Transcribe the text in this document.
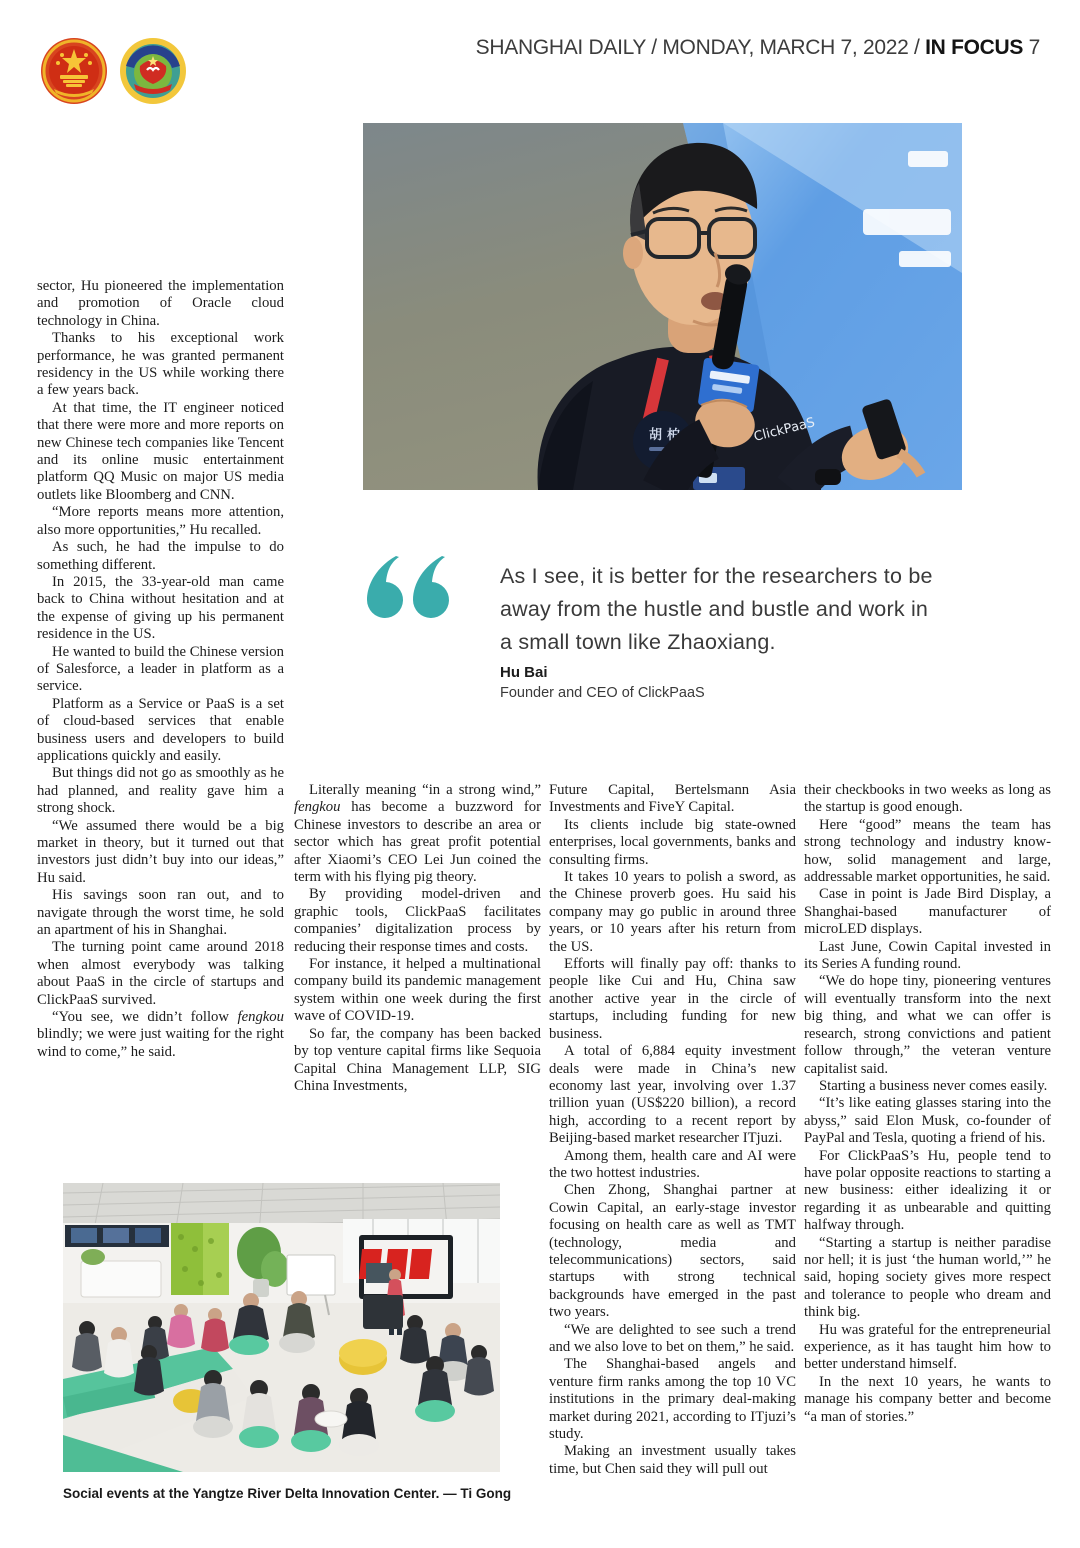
SHANGHAI DAILY / MONDAY, MARCH 7, 2022 / IN FOCUS 7
胡 柏	ClickPaaS
As I see, it is better for the researchers to be away from the hustle and bustle and work in a small town like Zhaoxiang.
Hu Bai
Founder and CEO of ClickPaaS

sector, Hu pioneered the implementation and promotion of Oracle cloud technology in China.

Thanks to his exceptional work performance, he was granted permanent residency in the US while working there a few years back.

At that time, the IT engineer noticed that there were more and more reports on new Chinese tech companies like Tencent and its online music entertainment platform QQ Music on major US media outlets like Bloomberg and CNN.

“More reports means more attention, also more opportunities,” Hu recalled.

As such, he had the impulse to do something different.

In 2015, the 33-year-old man came back to China without hesitation and at the expense of giving up his permanent residence in the US.

He wanted to build the Chinese version of Salesforce, a leader in platform as a service.

Platform as a Service or PaaS is a set of cloud-based services that enable business users and developers to build applications quickly and easily.

But things did not go as smoothly as he had planned, and reality gave him a strong shock.

“We assumed there would be a big market in theory, but it turned out that investors just didn’t buy into our ideas,” Hu said.

His savings soon ran out, and to navigate through the worst time, he sold an apartment of his in Shanghai.

The turning point came around 2018 when almost everybody was talking about PaaS in the circle of startups and ClickPaaS survived.

“You see, we didn’t follow fengkou blindly; we were just waiting for the right wind to come,” he said.

Literally meaning “in a strong wind,” fengkou has become a buzzword for Chinese investors to describe an area or sector which has great profit potential after Xiaomi’s CEO Lei Jun coined the term with his flying pig theory.

By providing model-driven and graphic tools, ClickPaaS facilitates companies’ digitalization process by reducing their response times and costs.

For instance, it helped a multinational company build its pandemic management system within one week during the first wave of COVID-19.

So far, the company has been backed by top venture capital firms like Sequoia Capital China Management LLP, SIG China Investments,

Future Capital, Bertelsmann Asia Investments and FiveY Capital.

Its clients include big state-owned enterprises, local governments, banks and consulting firms.

It takes 10 years to polish a sword, as the Chinese proverb goes. Hu said his company may go public in around three years, or 10 years after his return from the US.

Efforts will finally pay off: thanks to people like Cui and Hu, China saw another active year in the circle of startups, including funding for new business.

A total of 6,884 equity investment deals were made in China’s new economy last year, involving over 1.37 trillion yuan (US$220 billion), a record high, according to a recent report by Beijing-based market researcher ITjuzi.

Among them, health care and AI were the two hottest industries.

Chen Zhong, Shanghai partner at Cowin Capital, an early-stage investor focusing on health care as well as TMT (technology, media and telecommunications) sectors, said startups with strong technical backgrounds have emerged in the past two years.

“We are delighted to see such a trend and we also love to bet on them,” he said.

The Shanghai-based angels and venture firm ranks among the top 10 VC institutions in the primary deal-making market during 2021, according to ITjuzi’s study.

Making an investment usually takes time, but Chen said they will pull out

their checkbooks in two weeks as long as the startup is good enough.

Here “good” means the team has strong technology and industry know-how, solid management and large, addressable market opportunities, he said.

Case in point is Jade Bird Display, a Shanghai-based manufacturer of microLED displays.

Last June, Cowin Capital invested in its Series A funding round.

“We do hope tiny, pioneering ventures will eventually transform into the next big thing, and what we can offer is research, strong convictions and patient follow through,” the veteran venture capitalist said.

Starting a business never comes easily.

“It’s like eating glasses staring into the abyss,” said Elon Musk, co-founder of PayPal and Tesla, quoting a friend of his.

For ClickPaaS’s Hu, people tend to have polar opposite reactions to starting a new business: either idealizing it or regarding it as unbearable and quitting halfway through.

“Starting a startup is neither paradise nor hell; it is just ‘the human world,’” he said, hoping society gives more respect and tolerance to people who dream and think big.

Hu was grateful for the entrepreneurial experience, as it has taught him how to better understand himself.

In the next 10 years, he wants to manage his company better and become “a man of stories.”

Social events at the Yangtze River Delta Innovation Center. — Ti Gong
